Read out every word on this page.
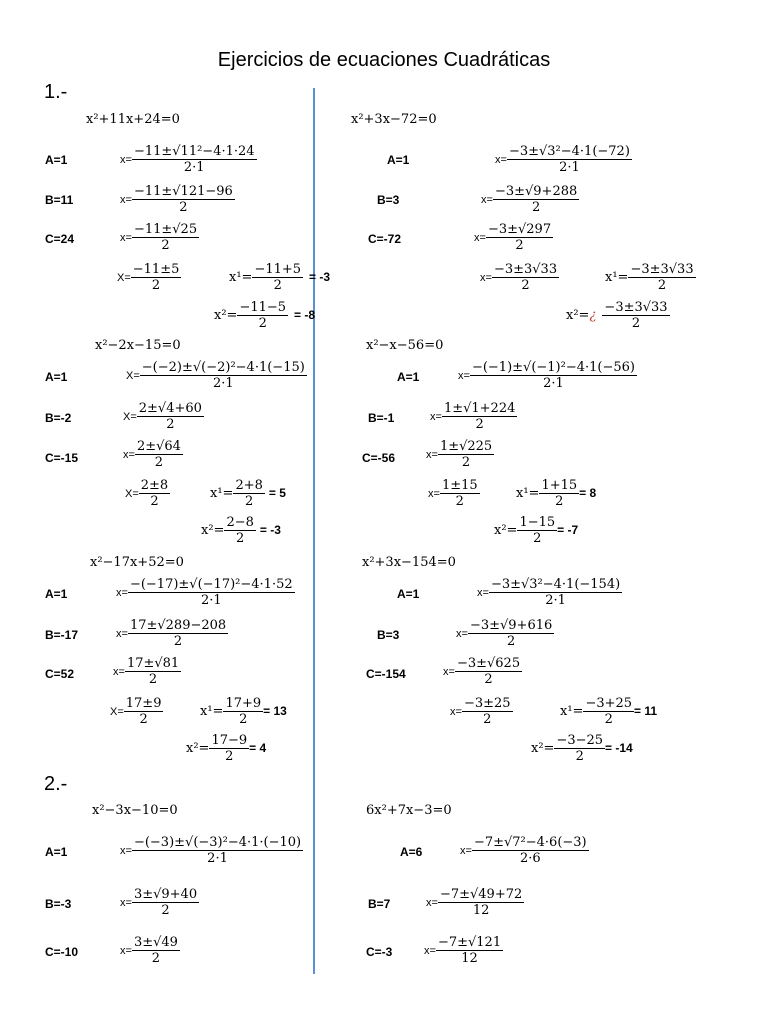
Ejercicios de ecuaciones Cuadráticas
1.-
2.-
x²+11x+24=0
A=1
B=11
C=24
$x= \frac{\text{−11±√11²−4·1·24}}{2\cdot 1}$
$x= \frac{-11\pm√121-96}{2}$
$x= \frac{-11\pm√25}{2}$
$X= \frac{-11\pm 5}{2}$	$x^1= \frac{-11+5}{2} = -3$
$x^2= \frac{-11-5}{2} = -8$
x²+3x−72=0
A=1
B=3
C=-72
$x= \frac{\text{−3±√3²−4·1(−72)}}{2\cdot 1}$
$x= \frac{-3\pm√9+288}{2}$
$x= \frac{-3\pm√297}{2}$
$x= \frac{-3\pm 3√33}{2}$	$x^1= \frac{-3\pm 3√33}{2}$
x²=¿ $\frac{-3\pm 3√33}{2}$
x²−2x−15=0
A=1
B=-2
C=-15
$X= \frac{\text{−(−2)±√(−2)²−4·1(−15)}}{2\cdot 1}$
$X= \frac{2\pm√4+60}{2}$
$x= \frac{2\pm√64}{2}$
$X= \frac{2\pm 8}{2}$	$x^1= \frac{2+8}{2} = 5$
$x^2= \frac{2-8}{2} = -3$
x²−x−56=0
A=1
B=-1
C=-56
$x= \frac{\text{−(−1)±√(−1)²−4·1(−56)}}{2\cdot 1}$
$x= \frac{1\pm√1+224}{2}$
$x= \frac{1\pm√225}{2}$
$x= \frac{1\pm 15}{2}$	$x^1= \frac{1+15}{2} = 8$
$x^2= \frac{1-15}{2} = -7$
x²−17x+52=0
A=1
B=-17
C=52
$x= \frac{\text{−(−17)±√(−17)²−4·1·52}}{2\cdot 1}$
$x= \frac{17\pm√289-208}{2}$
$x= \frac{17\pm√81}{2}$
$X= \frac{17\pm 9}{2}$	$x^1= \frac{17+9}{2} = 13$
$x^2= \frac{17-9}{2} = 4$
x²+3x−154=0
A=1
B=3
C=-154
$x= \frac{\text{−3±√3²−4·1(−154)}}{2\cdot 1}$
$x= \frac{-3\pm√9+616}{2}$
$x= \frac{-3\pm√625}{2}$
$x= \frac{-3\pm 25}{2}$	$x^1= \frac{-3+25}{2} = 11$
$x^2= \frac{-3-25}{2} = -14$
x²−3x−10=0
A=1
B=-3
C=-10
$x= \frac{\text{−(−3)±√(−3)²−4·1·(−10)}}{2\cdot 1}$
$x= \frac{3\pm√9+40}{2}$
$x= \frac{3\pm√49}{2}$
6x²+7x−3=0
A=6
B=7
C=-3
$x= \frac{\text{−7±√7²−4·6(−3)}}{2\cdot 6}$
$x= \frac{-7\pm√49+72}{12}$
$x= \frac{-7\pm√121}{12}$
